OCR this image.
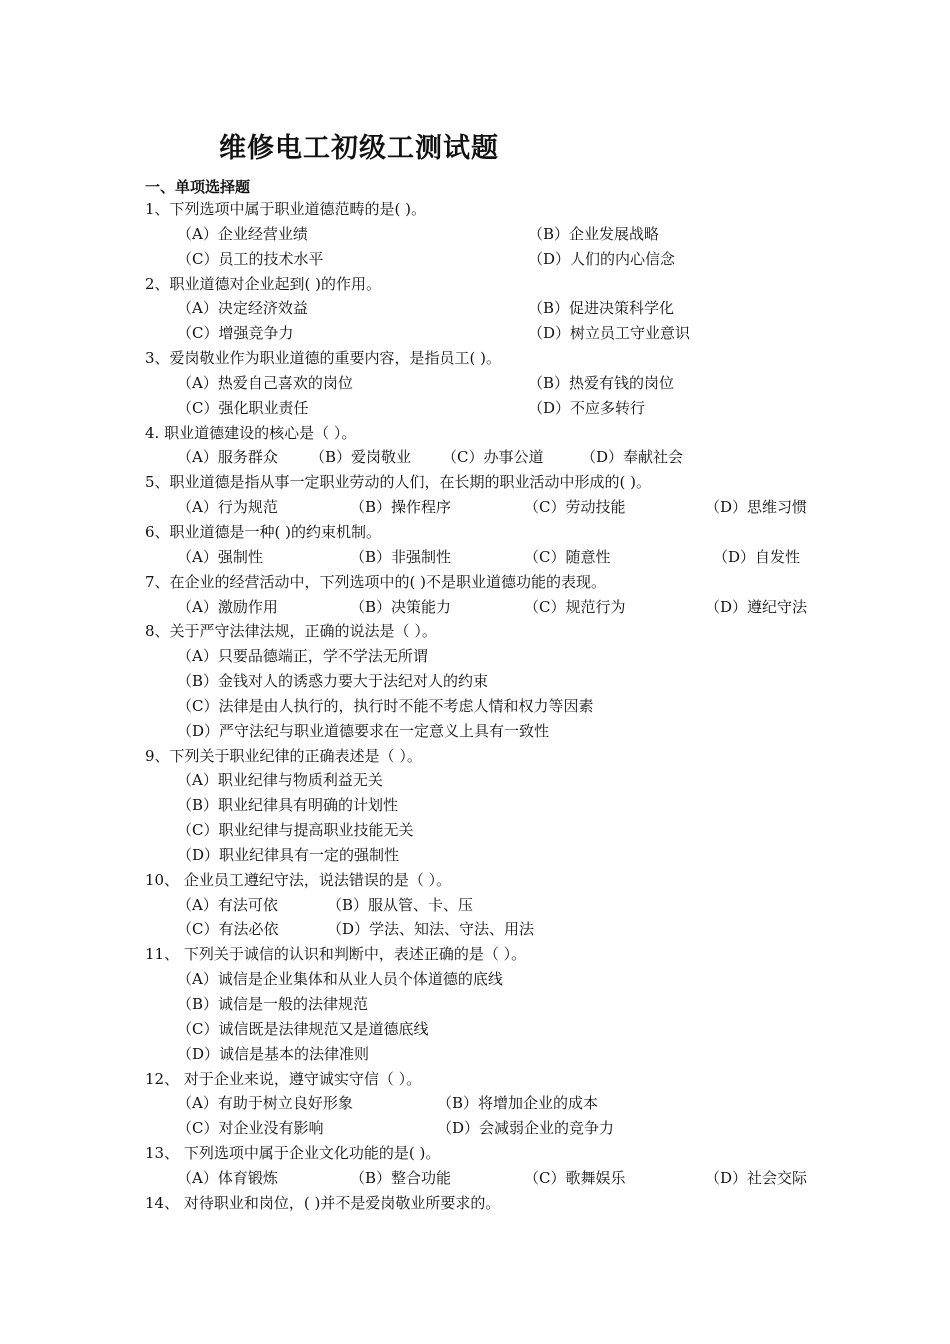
维修电工初级工测试题
一、单项选择题
1、下列选项中属于职业道德范畴的是( )。
（A）企业经营业绩	（B）企业发展战略
（C）员工的技术水平	（D）人们的内心信念
2、职业道德对企业起到( )的作用。
（A）决定经济效益	（B）促进决策科学化
（C）增强竞争力	（D）树立员工守业意识
3、爱岗敬业作为职业道德的重要内容，是指员工( )。
（A）热爱自己喜欢的岗位	（B）热爱有钱的岗位
（C）强化职业责任	（D）不应多转行
4. 职业道德建设的核心是（ ）。
（A）服务群众 （B）爱岗敬业 （C）办事公道	（D）奉献社会
5、职业道德是指从事一定职业劳动的人们，在长期的职业活动中形成的( )。
（A）行为规范	（B）操作程序	（C）劳动技能	（D）思维习惯
6、职业道德是一种( )的约束机制。
（A）强制性	（B）非强制性	（C）随意性	（D）自发性
7、在企业的经营活动中，下列选项中的( )不是职业道德功能的表现。
（A）激励作用	（B）决策能力	（C）规范行为	（D）遵纪守法
8、关于严守法律法规，正确的说法是（ ）。
（A）只要品德端正，学不学法无所谓
（B）金钱对人的诱惑力要大于法纪对人的约束
（C）法律是由人执行的，执行时不能不考虑人情和权力等因素
（D）严守法纪与职业道德要求在一定意义上具有一致性
9、下列关于职业纪律的正确表述是（ ）。
（A）职业纪律与物质利益无关
（B）职业纪律具有明确的计划性
（C）职业纪律与提高职业技能无关
（D）职业纪律具有一定的强制性
10、 企业员工遵纪守法，说法错误的是（ ）。
（A）有法可依	（B）服从管、卡、压
（C）有法必依	（D）学法、知法、守法、用法
11、 下列关于诚信的认识和判断中，表述正确的是（ ）。
（A）诚信是企业集体和从业人员个体道德的底线
（B）诚信是一般的法律规范
（C）诚信既是法律规范又是道德底线
（D）诚信是基本的法律准则
12、 对于企业来说，遵守诚实守信（ ）。
（A）有助于树立良好形象	（B）将增加企业的成本
（C）对企业没有影响	（D）会减弱企业的竞争力
13、 下列选项中属于企业文化功能的是( )。
（A）体育锻炼	（B）整合功能	（C）歌舞娱乐	（D）社会交际
14、 对待职业和岗位，( )并不是爱岗敬业所要求的。
